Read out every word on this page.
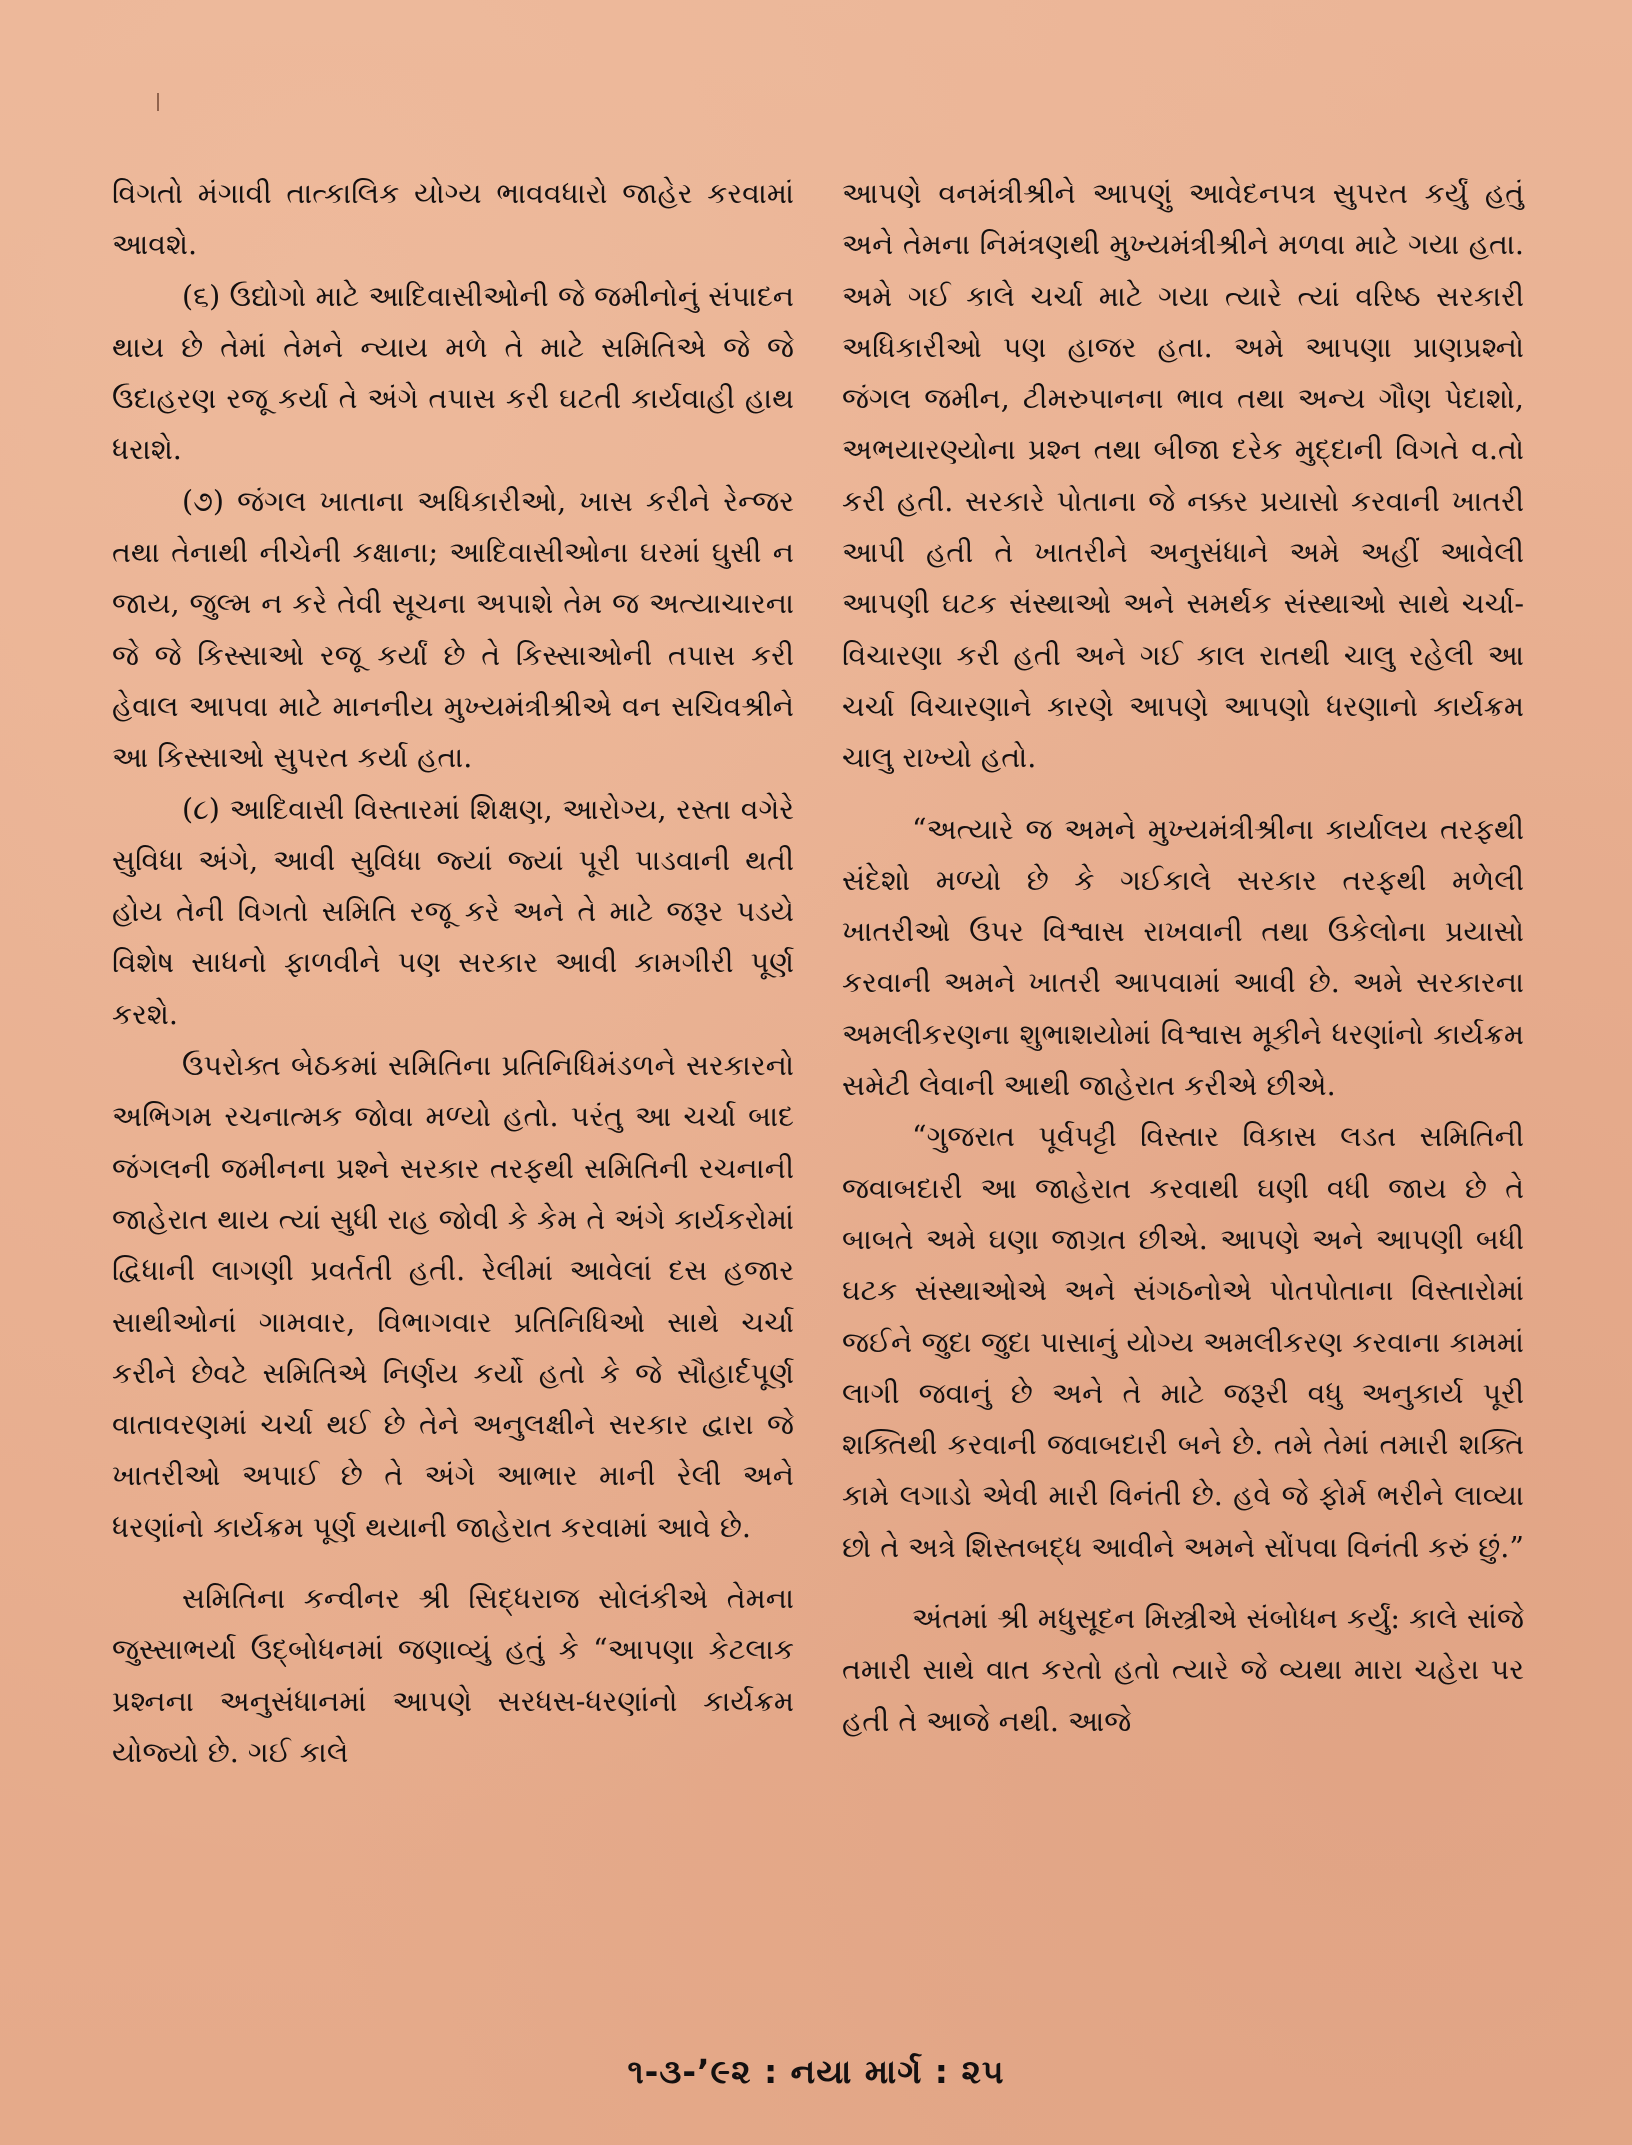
વિગતો મંગાવી તાત્કાલિક યોગ્ય ભાવવધારો જાહેર કરવામાં આવશે.

(૬) ઉદ્યોગો માટે આદિવાસીઓની જે જમીનોનું સંપાદન થાય છે તેમાં તેમને ન્યાય મળે તે માટે સમિતિએ જે જે ઉદાહરણ રજૂ કર્યા તે અંગે તપાસ કરી ઘટતી કાર્યવાહી હાથ ધરાશે.

(૭) જંગલ ખાતાના અધિકારીઓ, ખાસ કરીને રેન્જર તથા તેનાથી નીચેની કક્ષાના; આદિવાસીઓના ઘરમાં ઘુસી ન જાય, જુલ્મ ન કરે તેવી સૂચના અપાશે તેમ જ અત્યાચારના જે જે કિસ્સાઓ રજૂ કર્યાં છે તે કિસ્સાઓની તપાસ કરી હેવાલ આપવા માટે માનનીય મુખ્યમંત્રીશ્રીએ વન સચિવશ્રીને આ કિસ્સાઓ સુપરત કર્યા હતા.

(૮) આદિવાસી વિસ્તારમાં શિક્ષણ, આરોગ્ય, રસ્તા વગેરે સુવિધા અંગે, આવી સુવિધા જ્યાં જ્યાં પૂરી પાડવાની થતી હોય તેની વિગતો સમિતિ રજૂ કરે અને તે માટે જરૂર પડયે વિશેષ સાધનો ફાળવીને પણ સરકાર આવી કામગીરી પૂર્ણ કરશે.

ઉપરોક્ત બેઠકમાં સમિતિના પ્રતિનિધિમંડળને સરકારનો અભિગમ રચનાત્મક જોવા મળ્યો હતો. પરંતુ આ ચર્ચા બાદ જંગલની જમીનના પ્રશ્ને સરકાર તરફથી સમિતિની રચનાની જાહેરાત થાય ત્યાં સુધી રાહ જોવી કે કેમ તે અંગે કાર્યકરોમાં દ્વિધાની લાગણી પ્રવર્તતી હતી. રેલીમાં આવેલાં દસ હજાર સાથીઓનાં ગામવાર, વિભાગવાર પ્રતિનિધિઓ સાથે ચર્ચા કરીને છેવટે સમિતિએ નિર્ણય કર્યો હતો કે જે સૌહાર્દપૂર્ણ વાતાવરણમાં ચર્ચા થઈ છે તેને અનુલક્ષીને સરકાર દ્વારા જે ખાતરીઓ અપાઈ છે તે અંગે આભાર માની રેલી અને ધરણાંનો કાર્યક્રમ પૂર્ણ થયાની જાહેરાત કરવામાં આવે છે.

સમિતિના કન્વીનર શ્રી સિદ્ધરાજ સોલંકીએ તેમના જુસ્સાભર્યા ઉદ્‌બોધનમાં જણાવ્યું હતું કે “આપણા કેટલાક પ્રશ્નના અનુસંધાનમાં આપણે સરધસ-ધરણાંનો કાર્યક્રમ યોજ્યો છે. ગઈ કાલે

આપણે વનમંત્રીશ્રીને આપણું આવેદનપત્ર સુપરત કર્યું હતું અને તેમના નિમંત્રણથી મુખ્યમંત્રીશ્રીને મળવા માટે ગયા હતા. અમે ગઈ કાલે ચર્ચા માટે ગયા ત્યારે ત્યાં વરિષ્ઠ સરકારી અધિકારીઓ પણ હાજર હતા. અમે આપણા પ્રાણપ્રશ્નો જંગલ જમીન, ટીમરુપાનના ભાવ તથા અન્ય ગૌણ પેદાશો, અભયારણ્યોના પ્રશ્ન તથા બીજા દરેક મુદ્દાની વિગતે વ.તો કરી હતી. સરકારે પોતાના જે નક્કર પ્રયાસો કરવાની ખાતરી આપી હતી તે ખાતરીને અનુસંધાને અમે અહીં આવેલી આપણી ઘટક સંસ્થાઓ અને સમર્થક સંસ્થાઓ સાથે ચર્ચા-વિચારણા કરી હતી અને ગઈ કાલ રાતથી ચાલુ રહેલી આ ચર્ચા વિચારણાને કારણે આપણે આપણો ધરણાનો કાર્યક્રમ ચાલુ રાખ્યો હતો.

“અત્યારે જ અમને મુખ્યમંત્રીશ્રીના કાર્યાલય તરફથી સંદેશો મળ્યો છે કે ગઈકાલે સરકાર તરફથી મળેલી ખાતરીઓ ઉપર વિશ્વાસ રાખવાની તથા ઉકેલોના પ્રયાસો કરવાની અમને ખાતરી આપવામાં આવી છે. અમે સરકારના અમલીકરણના શુભાશયોમાં વિશ્વાસ મૂકીને ધરણાંનો કાર્યક્રમ સમેટી લેવાની આથી જાહેરાત કરીએ છીએ.

“ગુજરાત પૂર્વપટ્ટી વિસ્તાર વિકાસ લડત સમિતિની જવાબદારી આ જાહેરાત કરવાથી ઘણી વધી જાય છે તે બાબતે અમે ઘણા જાગ્રત છીએ. આપણે અને આપણી બધી ઘટક સંસ્થાઓએ અને સંગઠનોએ પોતપોતાના વિસ્તારોમાં જઈને જુદા જુદા પાસાનું યોગ્ય અમલીકરણ કરવાના કામમાં લાગી જવાનું છે અને તે માટે જરૂરી વધુ અનુકાર્ય પૂરી શક્તિથી કરવાની જવાબદારી બને છે. તમે તેમાં તમારી શક્તિ કામે લગાડો એવી મારી વિનંતી છે. હવે જે ફોર્મ ભરીને લાવ્યા છો તે અત્રે શિસ્તબદ્ધ આવીને અમને સોંપવા વિનંતી કરું છું.”

અંતમાં શ્રી મધુસૂદન મિસ્ત્રીએ સંબોધન કર્યું: કાલે સાંજે તમારી સાથે વાત કરતો હતો ત્યારે જે વ્યથા મારા ચહેરા પર હતી તે આજે નથી. આજે

૧-૩-’૯૨ : નયા માર્ગ : ૨૫
